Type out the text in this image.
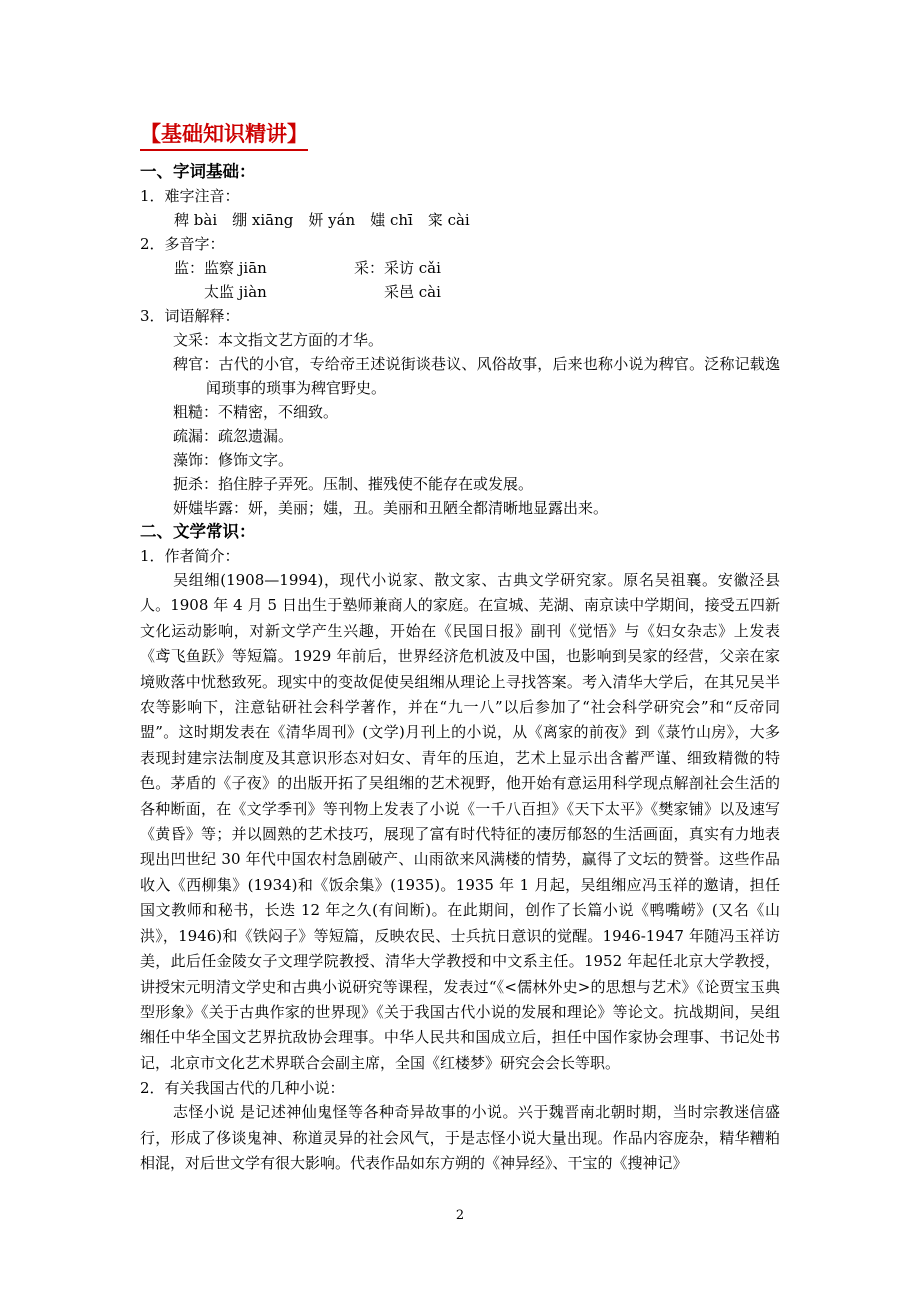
【基础知识精讲】
一、字词基础：
1．难字注音：
稗 bài　绷 xiāng　妍 yán　媸 chī　寀 cài
2．多音字：
监：监察 jiān	采：采访 cǎi
　　太监 jiàn	　　采邑 cài
3．词语解释：
文采：本文指文艺方面的才华。
稗官：古代的小官，专给帝王述说街谈巷议、风俗故事，后来也称小说为稗官。泛称记载逸闻琐事的琐事为稗官野史。
粗糙：不精密，不细致。
疏漏：疏忽遗漏。
藻饰：修饰文字。
扼杀：掐住脖子弄死。压制、摧残使不能存在或发展。
妍媸毕露：妍，美丽；媸，丑。美丽和丑陋全都清晰地显露出来。
二、文学常识：
1．作者简介：

吴组缃(1908—1994)，现代小说家、散文家、古典文学研究家。原名吴祖襄。安徽泾县人。1908 年 4 月 5 日出生于塾师兼商人的家庭。在宣城、芜湖、南京读中学期间，接受五四新文化运动影响，对新文学产生兴趣，开始在《民国日报》副刊《觉悟》与《妇女杂志》上发表《鸢飞鱼跃》等短篇。1929 年前后，世界经济危机波及中国，也影响到吴家的经营，父亲在家境败落中忧愁致死。现实中的变故促使吴组缃从理论上寻找答案。考入清华大学后，在其兄吴半农等影响下，注意钻研社会科学著作，并在“九一八”以后参加了“社会科学研究会”和“反帝同盟”。这时期发表在《清华周刊》(文学)月刊上的小说，从《离家的前夜》到《菉竹山房》，大多表现封建宗法制度及其意识形态对妇女、青年的压迫，艺术上显示出含蓄严谨、细致精微的特色。茅盾的《子夜》的出版开拓了吴组缃的艺术视野，他开始有意运用科学现点解剖社会生活的各种断面，在《文学季刊》等刊物上发表了小说《一千八百担》《天下太平》《樊家铺》以及速写《黄昏》等；并以圆熟的艺术技巧，展现了富有时代特征的凄厉郁怒的生活画面，真实有力地表现出凹世纪 30 年代中国农村急剧破产、山雨欲来风满楼的情势，赢得了文坛的赞誉。这些作品收入《西柳集》(1934)和《饭余集》(1935)。1935 年 1 月起，吴组缃应冯玉祥的邀请，担任国文教师和秘书，长迭 12 年之久(有间断)。在此期间，创作了长篇小说《鸭嘴崂》(又名《山洪》，1946)和《铁闷子》等短篇，反映农民、士兵抗日意识的觉醒。1946-1947 年随冯玉祥访美，此后任金陵女子文理学院教授、清华大学教授和中文系主任。1952 年起任北京大学教授，讲授宋元明清文学史和古典小说研究等课程，发表过“《<儒林外史>的思想与艺术》《论贾宝玉典型形象》《关于古典作家的世界现》《关于我国古代小说的发展和理论》等论文。抗战期间，吴组缃任中华全国文艺界抗敌协会理事。中华人民共和国成立后，担任中国作家协会理事、书记处书记，北京市文化艺术界联合会副主席，全国《红楼梦》研究会会长等职。

2．有关我国古代的几种小说：

志怪小说 是记述神仙鬼怪等各种奇异故事的小说。兴于魏晋南北朝时期，当时宗教迷信盛行，形成了侈谈鬼神、称道灵异的社会风气，于是志怪小说大量出现。作品内容庞杂，精华糟粕相混，对后世文学有很大影响。代表作品如东方朔的《神异经》、干宝的《搜神记》

2
